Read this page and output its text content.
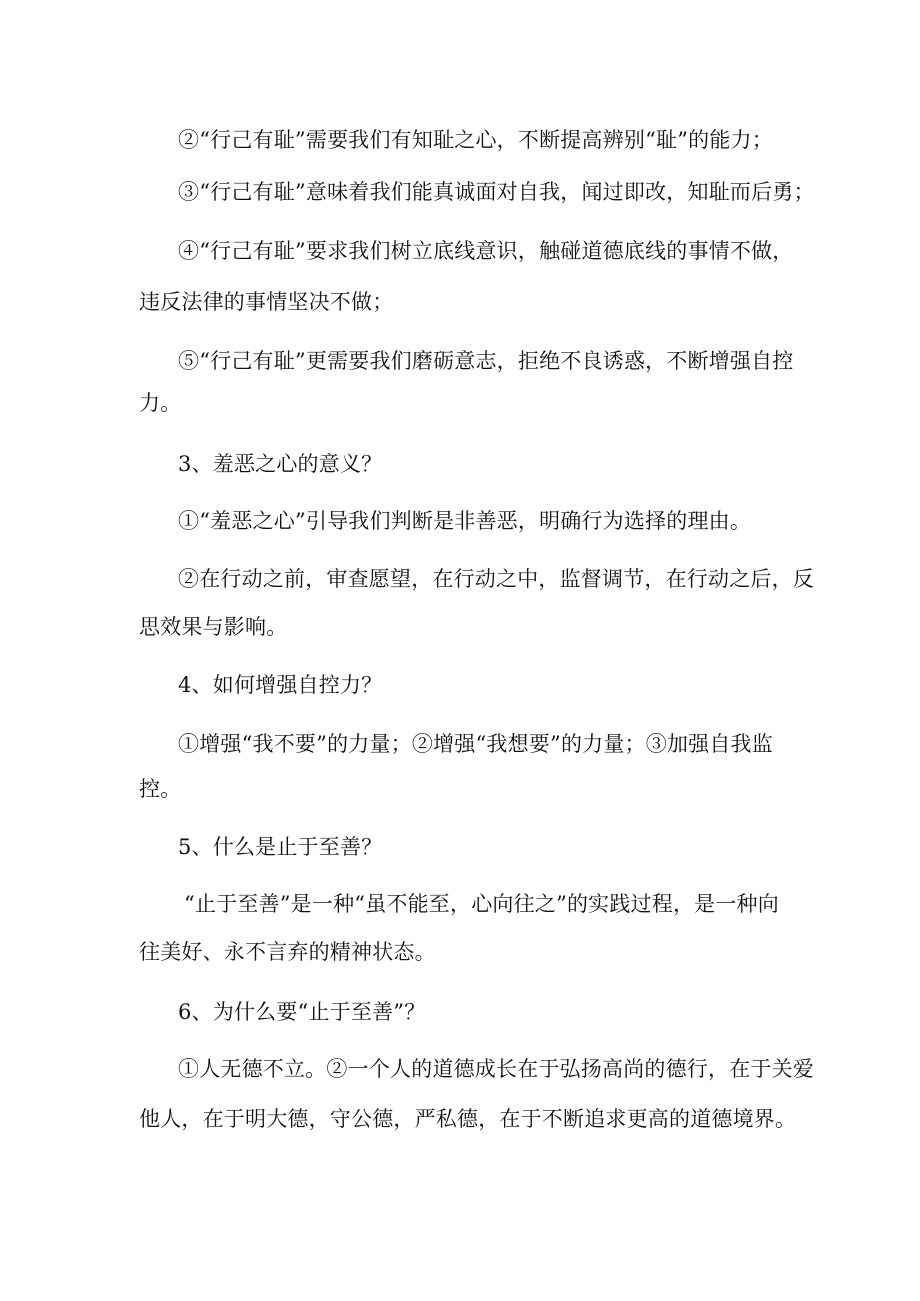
②“行己有耻”需要我们有知耻之心，不断提高辨别“耻”的能力；
③“行己有耻”意味着我们能真诚面对自我，闻过即改，知耻而后勇；
④“行己有耻”要求我们树立底线意识，触碰道德底线的事情不做，
违反法律的事情坚决不做；
⑤“行己有耻”更需要我们磨砺意志，拒绝不良诱惑，不断增强自控
力。
3、羞恶之心的意义？
①“羞恶之心”引导我们判断是非善恶，明确行为选择的理由。
②在行动之前，审查愿望，在行动之中，监督调节，在行动之后，反
思效果与影响。
4、如何增强自控力？
①增强“我不要”的力量；②增强“我想要”的力量；③加强自我监
控。
5、什么是止于至善？
“止于至善”是一种“虽不能至，心向往之”的实践过程，是一种向
往美好、永不言弃的精神状态。
6、为什么要“止于至善”？
①人无德不立。②一个人的道德成长在于弘扬高尚的德行，在于关爱
他人，在于明大德，守公德，严私德，在于不断追求更高的道德境界。
